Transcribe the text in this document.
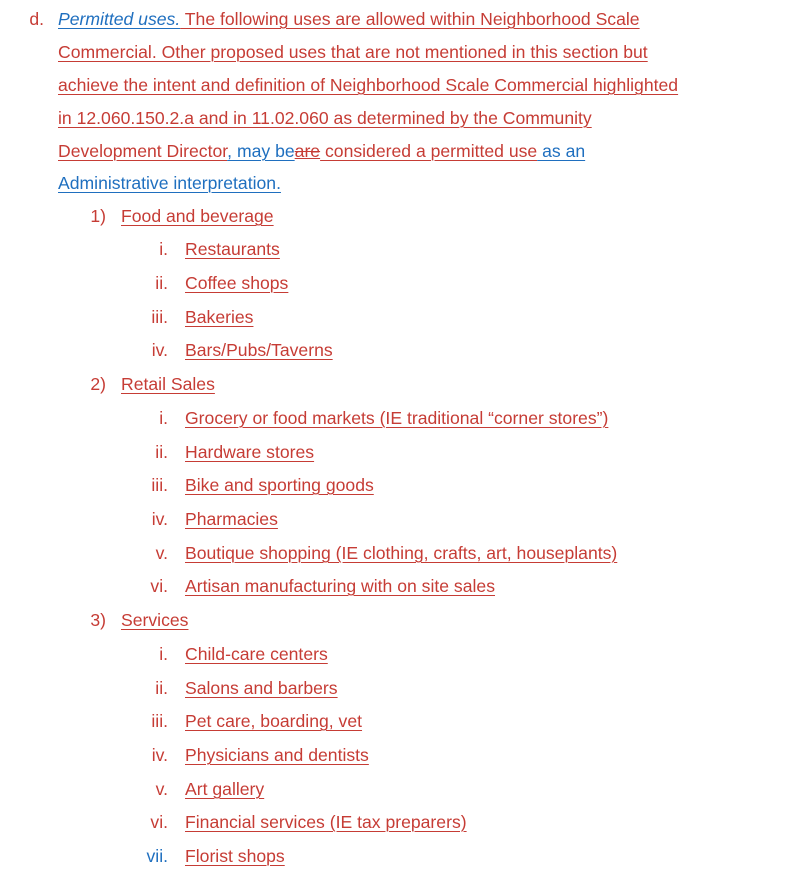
d. Permitted uses. The following uses are allowed within Neighborhood Scale
Commercial. Other proposed uses that are not mentioned in this section but
achieve the intent and definition of Neighborhood Scale Commercial highlighted
in 12.060.150.2.a and in 11.02.060 as determined by the Community
Development Director, may beare considered a permitted use as an
Administrative interpretation.
1) Food and beverage
i. Restaurants
ii. Coffee shops
iii. Bakeries
iv. Bars/Pubs/Taverns
2) Retail Sales
i. Grocery or food markets (IE traditional “corner stores”)
ii. Hardware stores
iii. Bike and sporting goods
iv. Pharmacies
v. Boutique shopping (IE clothing, crafts, art, houseplants)
vi. Artisan manufacturing with on site sales
3) Services
i. Child-care centers
ii. Salons and barbers
iii. Pet care, boarding, vet
iv. Physicians and dentists
v. Art gallery
vi. Financial services (IE tax preparers)
vii. Florist shops
